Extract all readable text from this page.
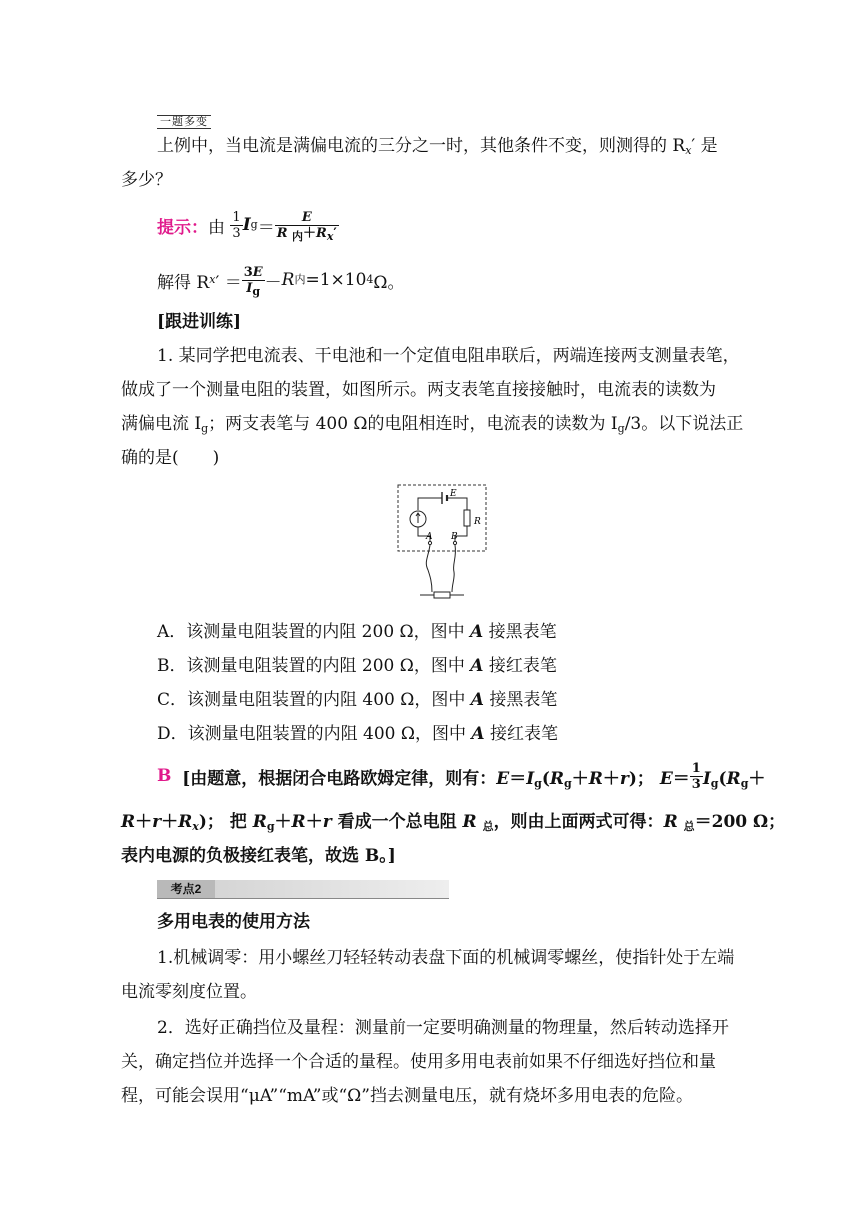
一题多变
上例中，当电流是满偏电流的三分之一时，其他条件不变，则测得的 $R_x'$ 是
多少？
提示： 由
$\frac{1}{3}$ I $g = \frac{E}{R _内+R_x'}$
解得 R x ′ ＝ $\frac{3E}{I_g} - R$ 内 =1×10 4 Ω。
[跟进训练]
1. 某同学把电流表、干电池和一个定值电阻串联后，两端连接两支测量表笔，
做成了一个测量电阻的装置，如图所示。两支表笔直接接触时，电流表的读数为
满偏电流 $I_g$；两支表笔与 400 Ω的电阻相连时，电流表的读数为 $I_g/3$。以下说法正
确的是(　　)
E
R
A B
A．该测量电阻装置的内阻 200 Ω，图中 A 接黑表笔
B．该测量电阻装置的内阻 200 Ω，图中 A 接红表笔
C．该测量电阻装置的内阻 400 Ω，图中 A 接黑表笔
D．该测量电阻装置的内阻 400 Ω，图中 A 接红表笔
B
[由题意，根据闭合电路欧姆定律，则有： $E=I_g(R_g+R+r)$； $E= \frac{1}{3} I_g(R_g+$
$R+r+R_x$)； 把 $R_g+R+r$ 看成一个总电阻 R $_总$，则由上面两式可得：R $_总$＝200 Ω；
表内电源的负极接红表笔，故选 B。]
考点2
多用电表的使用方法
1.机械调零：用小螺丝刀轻轻转动表盘下面的机械调零螺丝，使指针处于左端
电流零刻度位置。
2．选好正确挡位及量程：测量前一定要明确测量的物理量，然后转动选择开
关，确定挡位并选择一个合适的量程。使用多用电表前如果不仔细选好挡位和量
程，可能会误用“μA”“mA”或“Ω”挡去测量电压，就有烧坏多用电表的危险。
